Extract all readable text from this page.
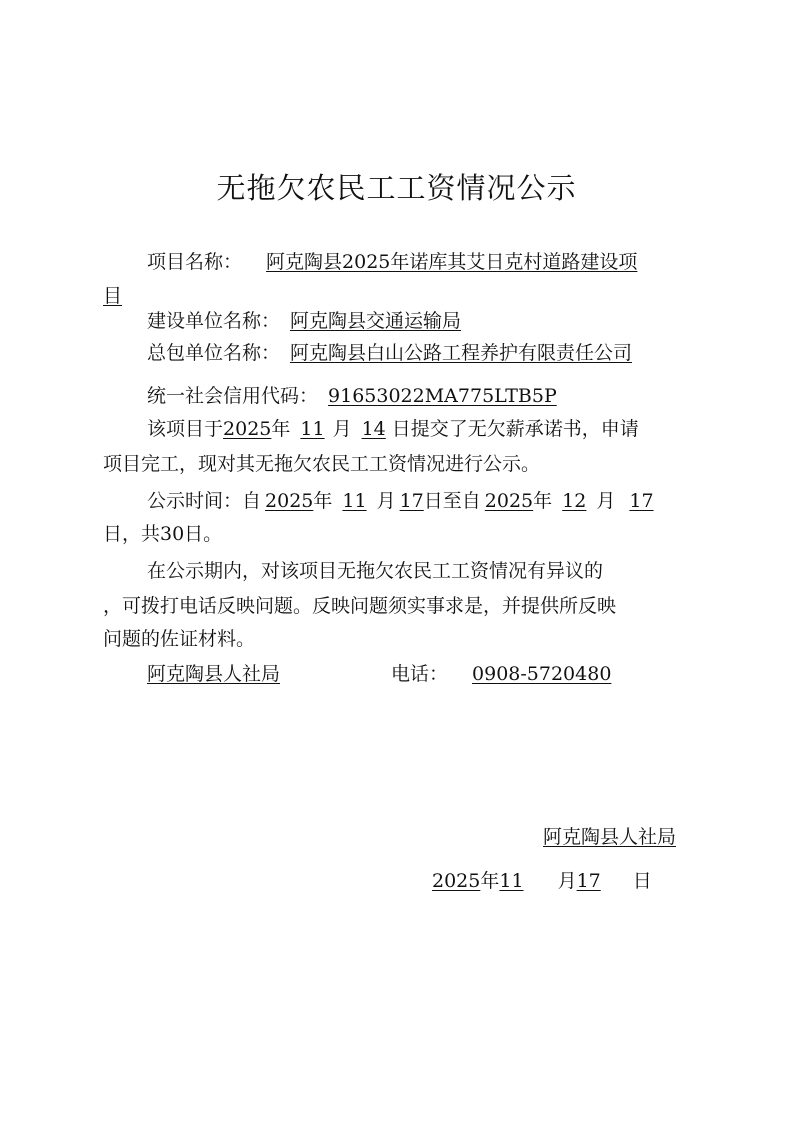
无拖欠农民工工资情况公示
项目名称： 阿克陶县2025年诺库其艾日克村道路建设项
目
建设单位名称： 阿克陶县交通运输局
总包单位名称： 阿克陶县白山公路工程养护有限责任公司
统一社会信用代码： 91653022MA775LTB5P
该项目于2025年 11 月 14 日提交了无欠薪承诺书，申请
项目完工，现对其无拖欠农民工工资情况进行公示。
公示时间：自 2025年 11 月 17日至自 2025年 12 月 17
日，共30日。
在公示期内，对该项目无拖欠农民工工资情况有异议的
，可拨打电话反映问题。反映问题须实事求是，并提供所反映
问题的佐证材料。
阿克陶县人社局	电话： 0908-5720480
阿克陶县人社局
2025年11 月17 日
